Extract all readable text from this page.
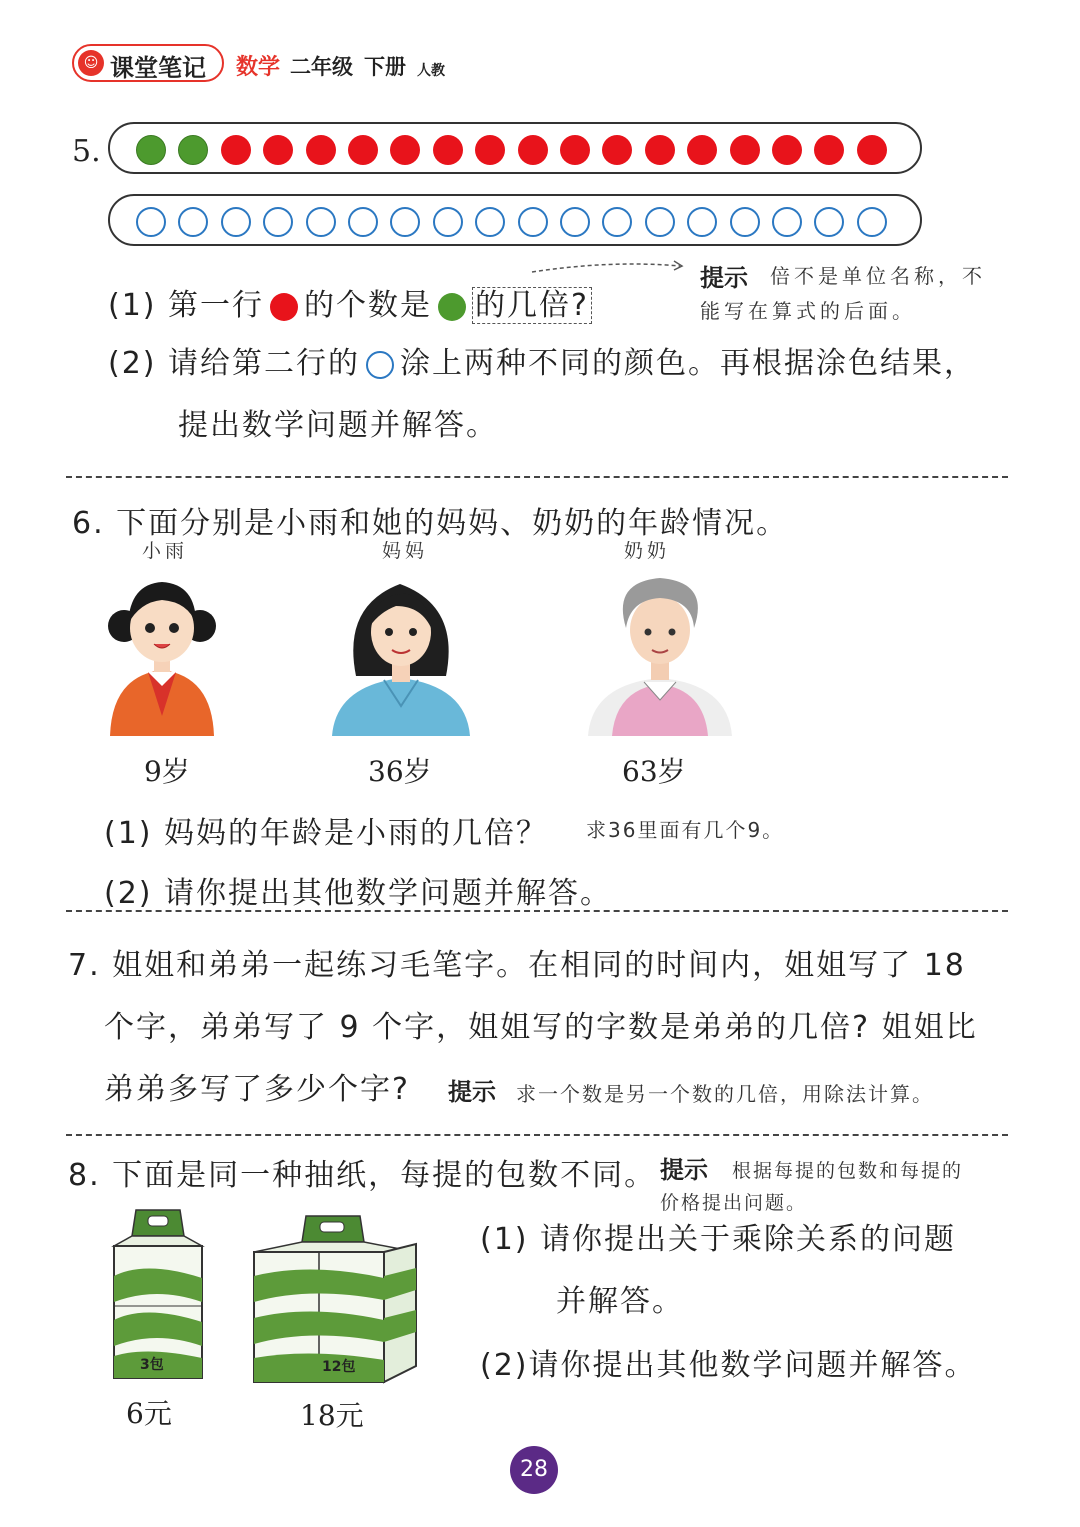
☺ 课堂笔记 数学 二年级 下册 人教
5.
提示 倍不是单位名称，不
能写在算式的后面。
(1) 第一行 的个数是 的几倍?
(2) 请给第二行的 涂上两种不同的颜色。再根据涂色结果，
提出数学问题并解答。
6. 下面分别是小雨和她的妈妈、奶奶的年龄情况。
小雨	妈妈	奶奶
9岁	36岁	63岁
(1) 妈妈的年龄是小雨的几倍？ 求36里面有几个9。
(2) 请你提出其他数学问题并解答。
7. 姐姐和弟弟一起练习毛笔字。在相同的时间内，姐姐写了 18
个字，弟弟写了 9 个字，姐姐写的字数是弟弟的几倍? 姐姐比
弟弟多写了多少个字? 提示 求一个数是另一个数的几倍，用除法计算。
8. 下面是同一种抽纸，每提的包数不同。 提示 根据每提的包数和每提的
价格提出问题。
3包	12包
6元	18元
(1) 请你提出关于乘除关系的问题
并解答。
(2)请你提出其他数学问题并解答。
28
